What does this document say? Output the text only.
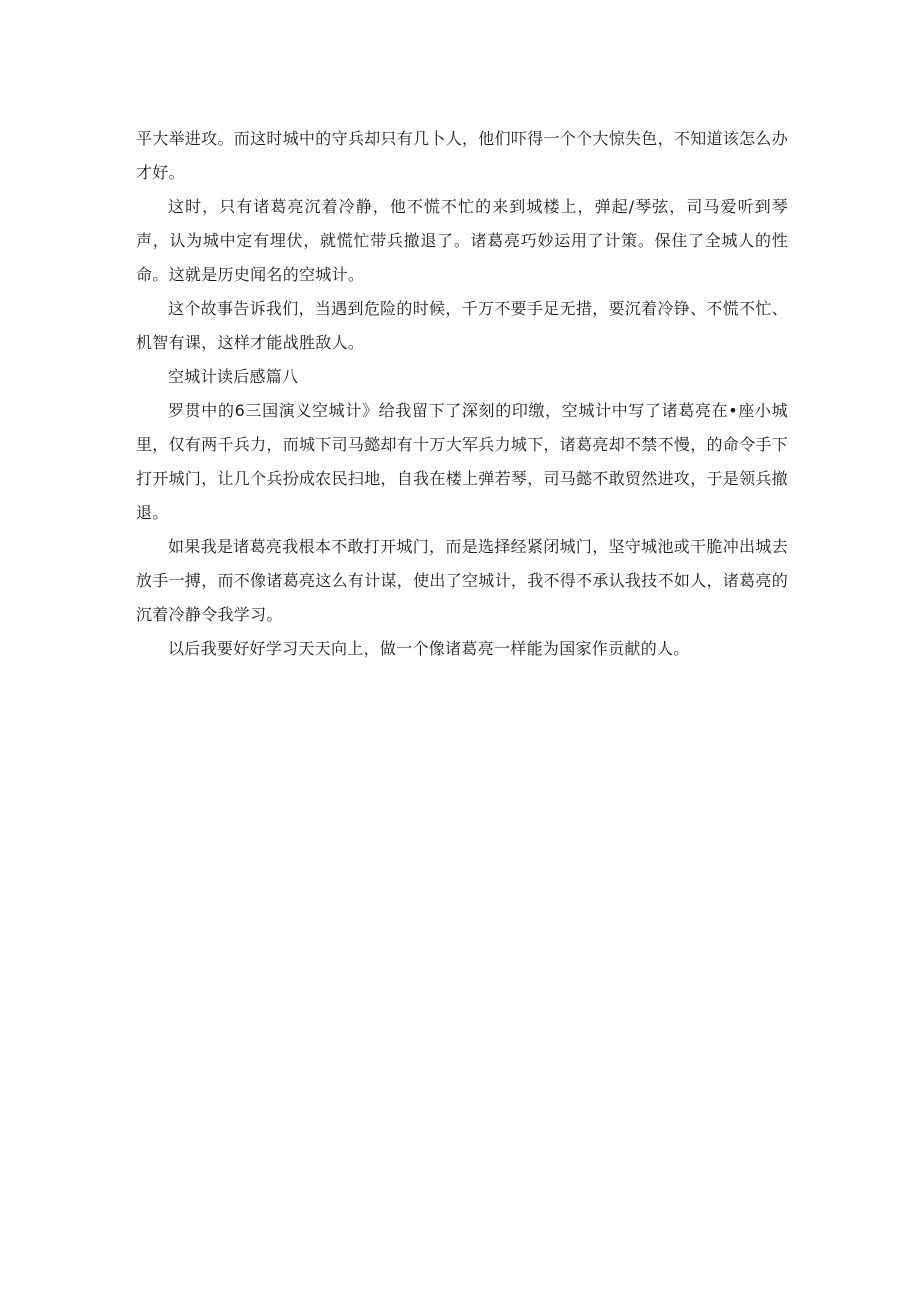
平大举进攻。而这时城中的守兵却只有几卜人，他们吓得一个个大惊失色，不知道该怎么办才好。

这时，只有诸葛亮沉着冷静，他不慌不忙的来到城楼上，弹起/琴弦，司马爱听到琴声，认为城中定有埋伏，就慌忙带兵撤退了。诸葛亮巧妙运用了计策。保住了全城人的性命。这就是历史闻名的空城计。

这个故事告诉我们，当遇到危险的时候，千万不要手足无措，要沉着冷铮、不慌不忙、机智有课，这样才能战胜敌人。

空城计读后感篇八

罗贯中的6三国演义空城计》给我留下了深刻的印缴，空城计中写了诸葛亮在•座小城里，仅有两千兵力，而城下司马懿却有十万大军兵力城下，诸葛亮却不禁不慢，的命令手下打开城门，让几个兵扮成农民扫地，自我在楼上弹若琴，司马懿不敢贸然进攻，于是领兵撤退。

如果我是诸葛亮我根本不敢打开城门，而是选择经紧闭城门，坚守城池或干脆冲出城去放手一搏，而不像诸葛亮这么有计谋，使出了空城计，我不得不承认我技不如人，诸葛亮的沉着冷静令我学习。

以后我要好好学习天天向上，做一个像诸葛亮一样能为国家作贡献的人。
